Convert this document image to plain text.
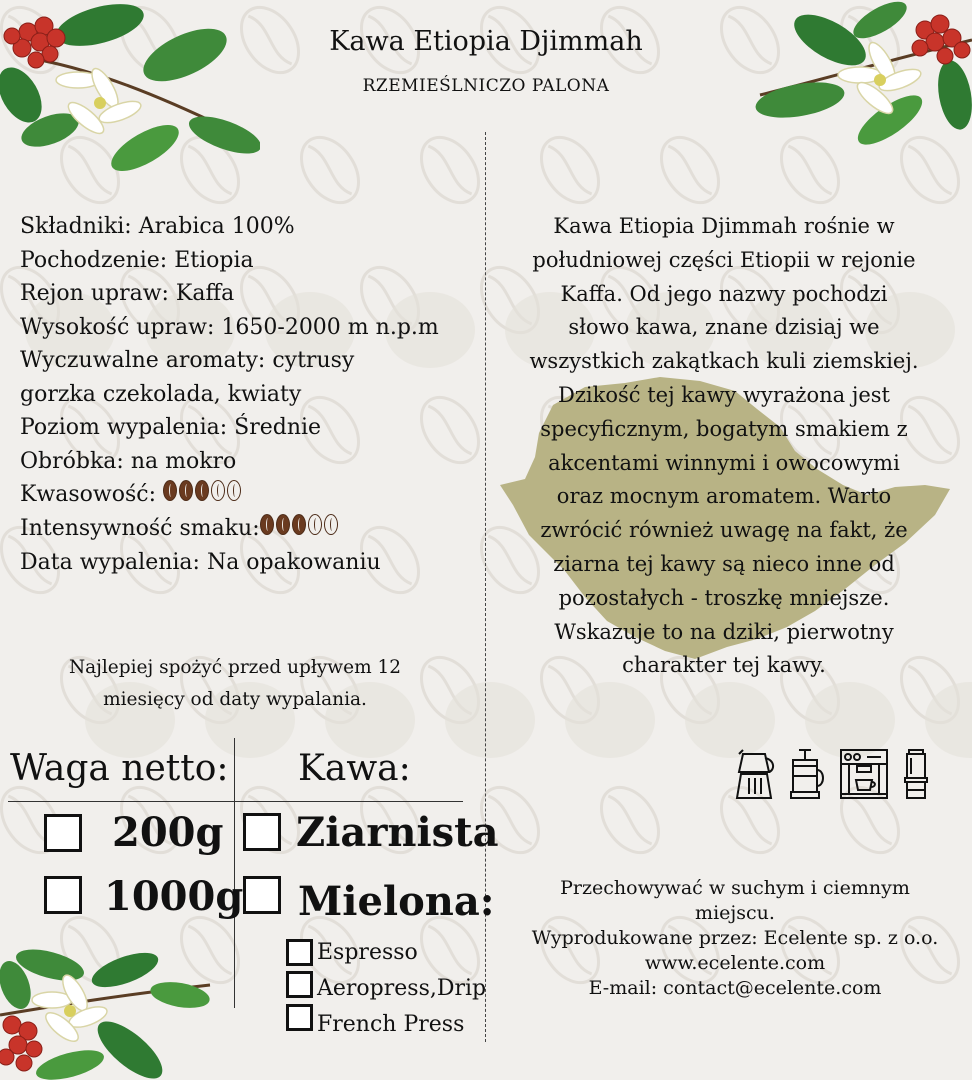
Kawa Etiopia Djimmah
RZEMIEŚLNICZO PALONA
Składniki: Arabica 100%
Pochodzenie: Etiopia
Rejon upraw: Kaffa
Wysokość upraw: 1650-2000 m n.p.m
Wyczuwalne aromaty: cytrusy
gorzka czekolada, kwiaty
Poziom wypalenia: Średnie
Obróbka: na mokro
Kwasowość:
Intensywność smaku:
Data wypalenia: Na opakowaniu
Najlepiej spożyć przed upływem 12
miesięcy od daty wypalania.
Waga netto: Kawa:
200g
1000g
Ziarnista
Mielona:
Espresso
Aeropress,Drip
French Press
Kawa Etiopia Djimmah rośnie w
południowej części Etiopii w rejonie
Kaffa. Od jego nazwy pochodzi
słowo kawa, znane dzisiaj we
wszystkich zakątkach kuli ziemskiej.
Dzikość tej kawy wyrażona jest
specyficznym, bogatym smakiem z
akcentami winnymi i owocowymi
oraz mocnym aromatem. Warto
zwrócić również uwagę na fakt, że
ziarna tej kawy są nieco inne od
pozostałych - troszkę mniejsze.
Wskazuje to na dziki, pierwotny
charakter tej kawy.
Przechowywać w suchym i ciemnym
miejscu.
Wyprodukowane przez: Ecelente sp. z o.o.
www.ecelente.com
E-mail: contact@ecelente.com
